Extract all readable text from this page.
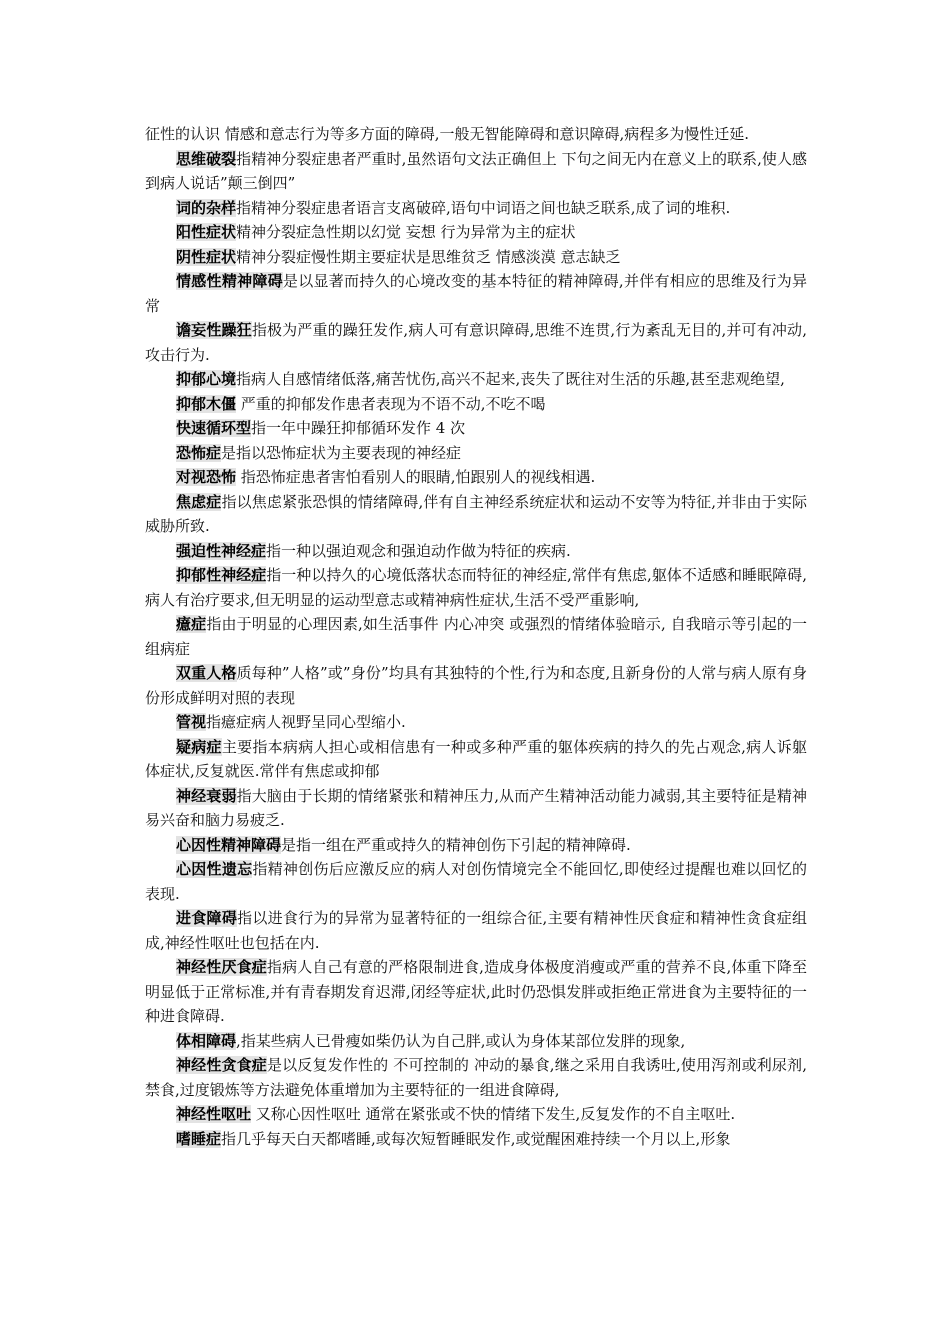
征性的认识 情感和意志行为等多方面的障碍,一般无智能障碍和意识障碍,病程多为慢性迁延.

思维破裂指精神分裂症患者严重时,虽然语句文法正确但上 下句之间无内在意义上的联系,使人感到病人说话”颠三倒四”

词的杂样指精神分裂症患者语言支离破碎,语句中词语之间也缺乏联系,成了词的堆积.

阳性症状精神分裂症急性期以幻觉 妄想 行为异常为主的症状

阴性症状精神分裂症慢性期主要症状是思维贫乏 情感淡漠 意志缺乏

情感性精神障碍是以显著而持久的心境改变的基本特征的精神障碍,并伴有相应的思维及行为异常

谵妄性躁狂指极为严重的躁狂发作,病人可有意识障碍,思维不连贯,行为紊乱无目的,并可有冲动, 攻击行为.

抑郁心境指病人自感情绪低落,痛苦忧伤,高兴不起来,丧失了既往对生活的乐趣,甚至悲观绝望,

抑郁木僵 严重的抑郁发作患者表现为不语不动,不吃不喝

快速循环型指一年中躁狂抑郁循环发作 4 次

恐怖症是指以恐怖症状为主要表现的神经症

对视恐怖 指恐怖症患者害怕看别人的眼睛,怕跟别人的视线相遇.

焦虑症指以焦虑紧张恐惧的情绪障碍,伴有自主神经系统症状和运动不安等为特征,并非由于实际威胁所致.

强迫性神经症指一种以强迫观念和强迫动作做为特征的疾病.

抑郁性神经症指一种以持久的心境低落状态而特征的神经症,常伴有焦虑,躯体不适感和睡眠障碍,病人有治疗要求,但无明显的运动型意志或精神病性症状,生活不受严重影响,

癔症指由于明显的心理因素,如生活事件 内心冲突 或强烈的情绪体验暗示, 自我暗示等引起的一组病症

双重人格质每种”人格”或”身份”均具有其独特的个性,行为和态度,且新身份的人常与病人原有身份形成鲜明对照的表现

管视指癔症病人视野呈同心型缩小.

疑病症主要指本病病人担心或相信患有一种或多种严重的躯体疾病的持久的先占观念,病人诉躯体症状,反复就医.常伴有焦虑或抑郁

神经衰弱指大脑由于长期的情绪紧张和精神压力,从而产生精神活动能力减弱,其主要特征是精神易兴奋和脑力易疲乏.

心因性精神障碍是指一组在严重或持久的精神创伤下引起的精神障碍.

心因性遗忘指精神创伤后应激反应的病人对创伤情境完全不能回忆,即使经过提醒也难以回忆的表现.

进食障碍指以进食行为的异常为显著特征的一组综合征,主要有精神性厌食症和精神性贪食症组成,神经性呕吐也包括在内.

神经性厌食症指病人自己有意的严格限制进食,造成身体极度消瘦或严重的营养不良,体重下降至明显低于正常标准,并有青春期发育迟滞,闭经等症状,此时仍恐惧发胖或拒绝正常进食为主要特征的一种进食障碍.

体相障碍,指某些病人已骨瘦如柴仍认为自己胖,或认为身体某部位发胖的现象,

神经性贪食症是以反复发作性的 不可控制的 冲动的暴食,继之采用自我诱吐,使用泻剂或利尿剂,禁食,过度锻炼等方法避免体重增加为主要特征的一组进食障碍,

神经性呕吐 又称心因性呕吐 通常在紧张或不快的情绪下发生,反复发作的不自主呕吐.

嗜睡症指几乎每天白天都嗜睡,或每次短暂睡眠发作,或觉醒困难持续一个月以上,形象
